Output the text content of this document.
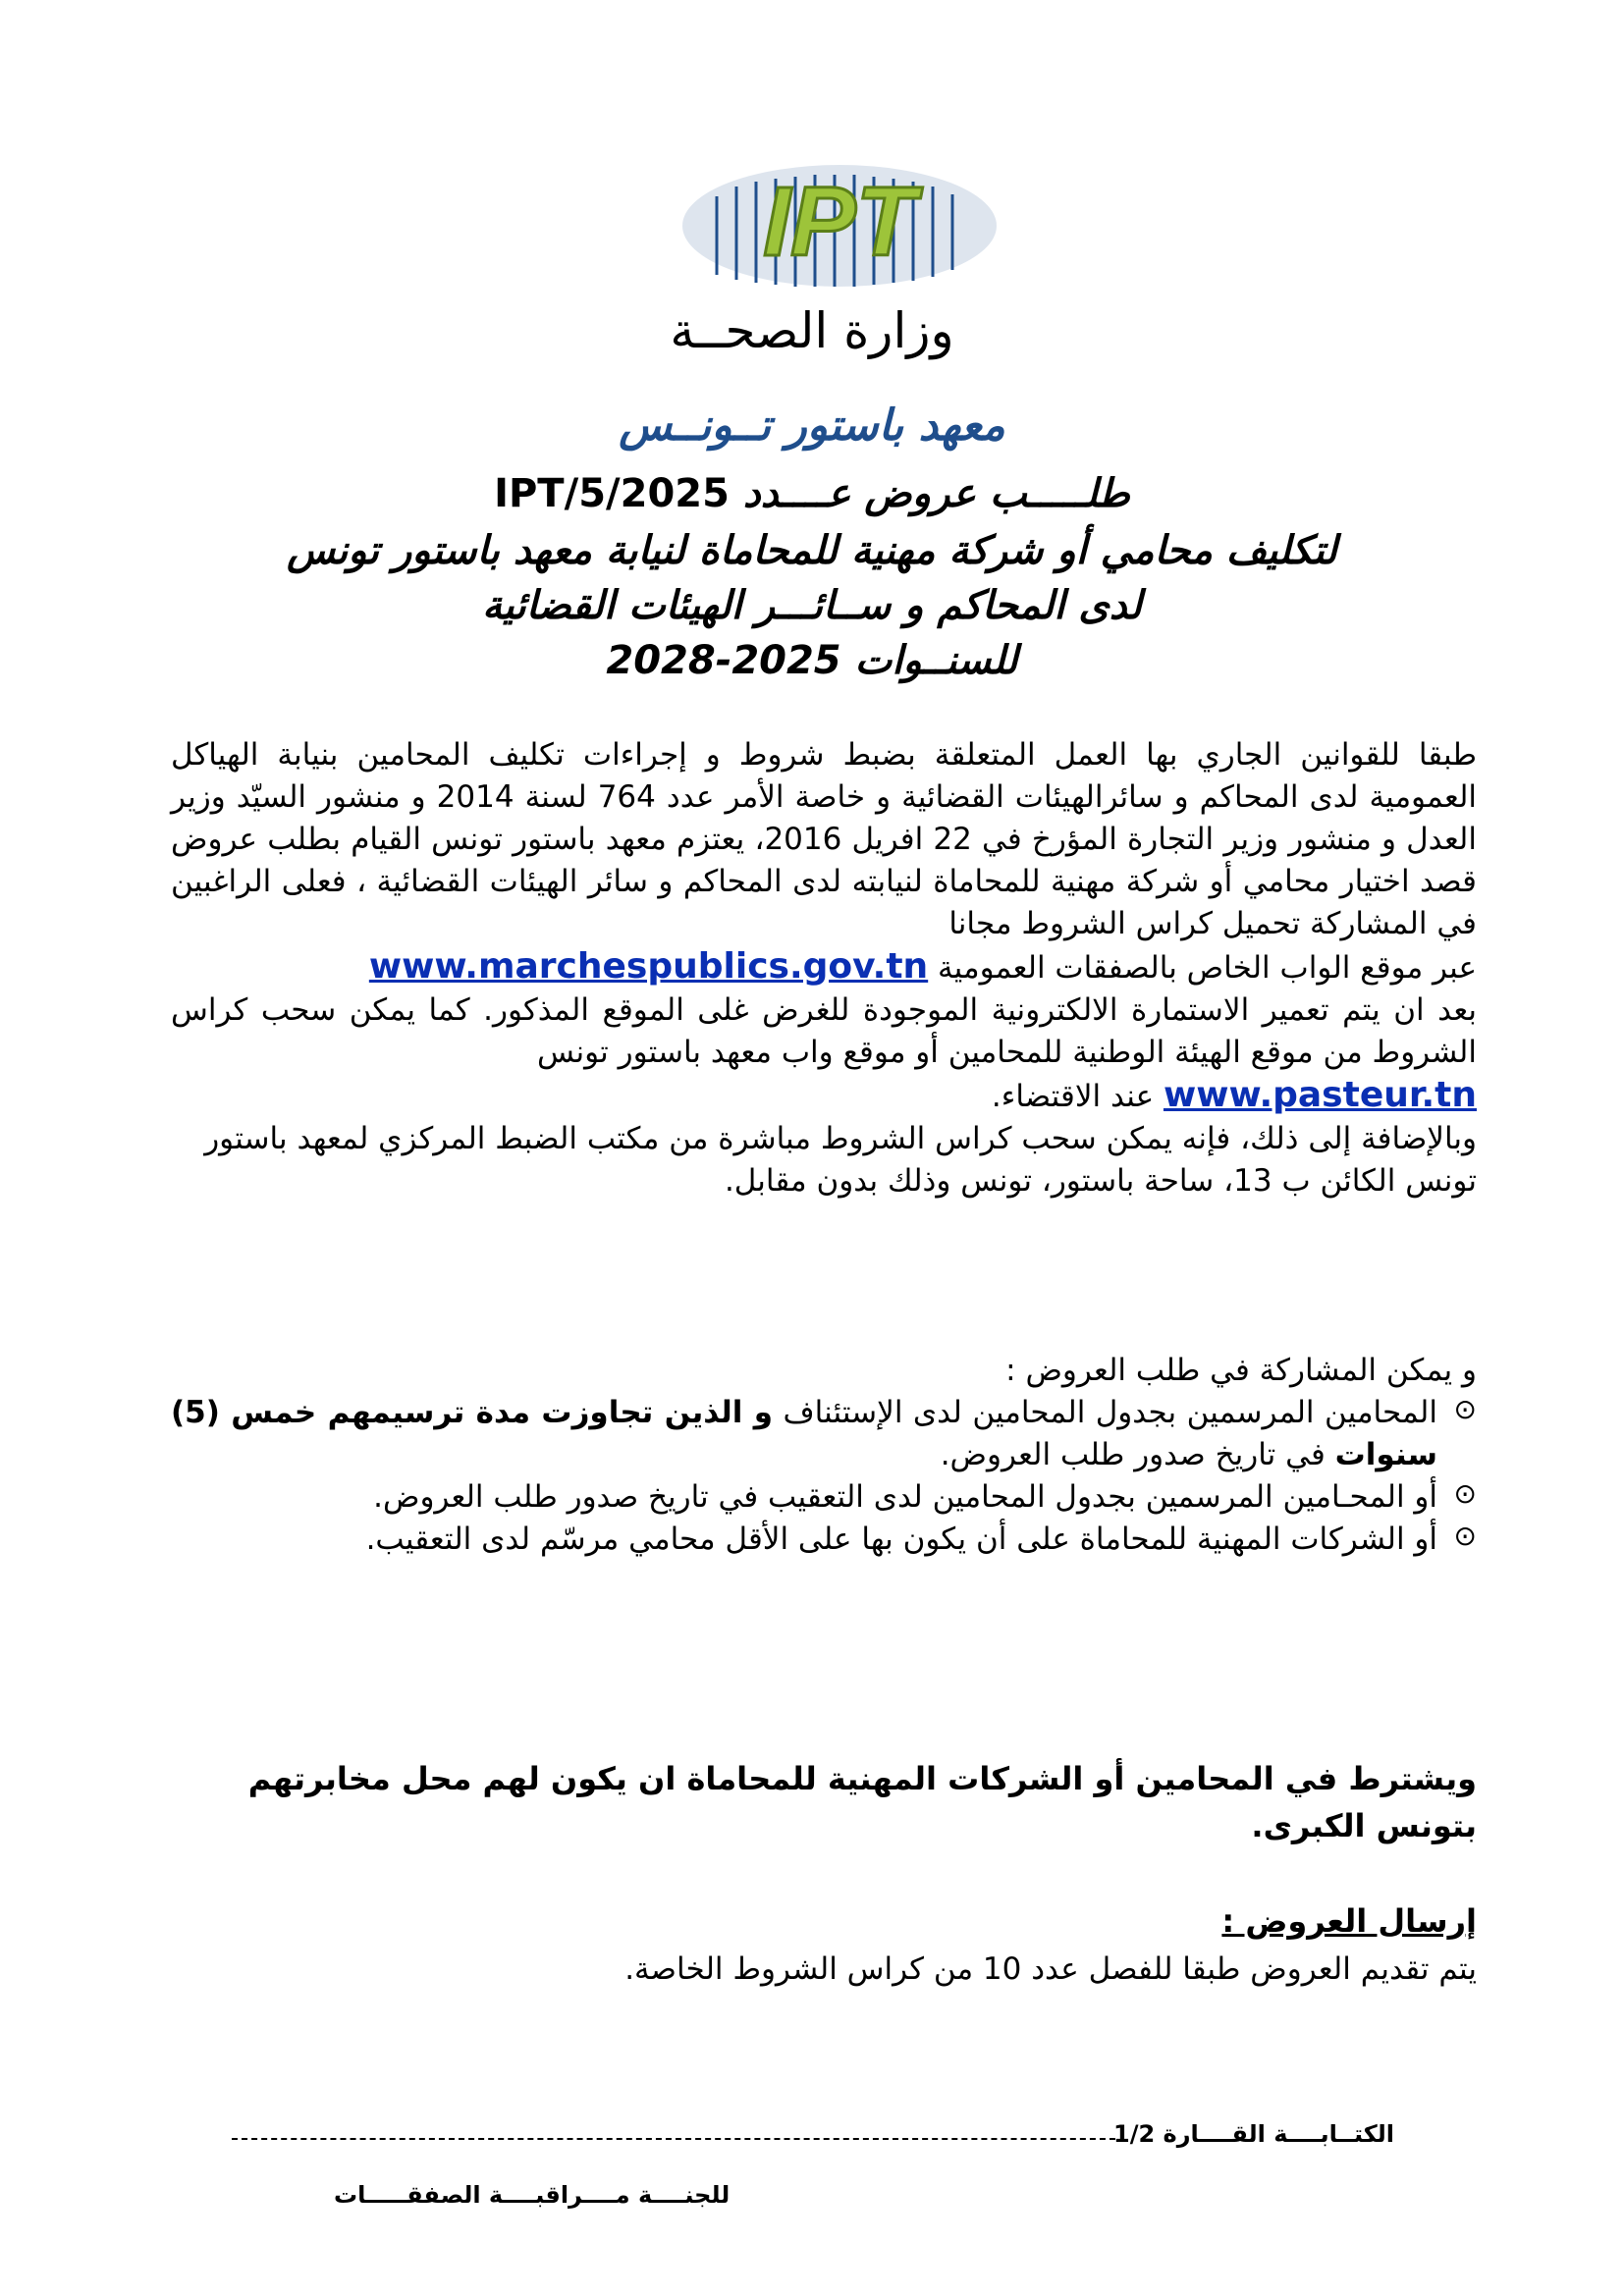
IPT
وزارة الصحــة
معهد باستور تــونــس
طلـــــب عروض عــــدد IPT/5/2025
لتكليف محامي أو شركة مهنية للمحاماة لنيابة معهد باستور تونس
لدى المحاكم و ســائـــر الهيئات القضائية
للسنــوات 2025-2028

طبقا للقوانين الجاري بها العمل المتعلقة بضبط شروط و إجراءات تكليف المحامين بنيابة الهياكل العمومية لدى المحاكم و سائرالهيئات القضائية و خاصة الأمر عدد 764 لسنة 2014 و منشور السيّد وزير العدل و منشور وزير التجارة المؤرخ في 22 افريل 2016، يعتزم معهد باستور تونس القيام بطلب عروض قصد اختيار محامي أو شركة مهنية للمحاماة لنيابته لدى المحاكم و سائر الهيئات القضائية ، فعلى الراغبين في المشاركة تحميل كراس الشروط مجانا

عبر موقع الواب الخاص بالصفقات العمومية www.marchespublics.gov.tn

بعد ان يتم تعمير الاستمارة الالكترونية الموجودة للغرض غلى الموقع المذكور. كما يمكن سحب كراس الشروط من موقع الهيئة الوطنية للمحامين أو موقع واب معهد باستور تونس

www.pasteur.tn عند الاقتضاء.

وبالإضافة إلى ذلك، فإنه يمكن سحب كراس الشروط مباشرة من مكتب الضبط المركزي لمعهد باستور تونس الكائن ب 13، ساحة باستور، تونس وذلك بدون مقابل.

و يمكن المشاركة في طلب العروض :

⊙
المحامين المرسمين بجدول المحامين لدى الإستئناف و الذين تجاوزت مدة ترسيمهم خمس (5) سنوات في تاريخ صدور طلب العروض.
⊙
أو المحـامين المرسمين بجدول المحامين لدى التعقيب في تاريخ صدور طلب العروض.
⊙
أو الشركات المهنية للمحاماة على أن يكون بها على الأقل محامي مرسّم لدى التعقيب.
ويشترط في المحامين أو الشركات المهنية للمحاماة ان يكون لهم محل مخابرتهم بتونس الكبرى.
إرسال العروض :
يتم تقديم العروض طبقا للفصل عدد 10 من كراس الشروط الخاصة.
الكتــابــــة القــــارة 1/2
للجنــــة مــــراقبــــة الصفقـــــات
